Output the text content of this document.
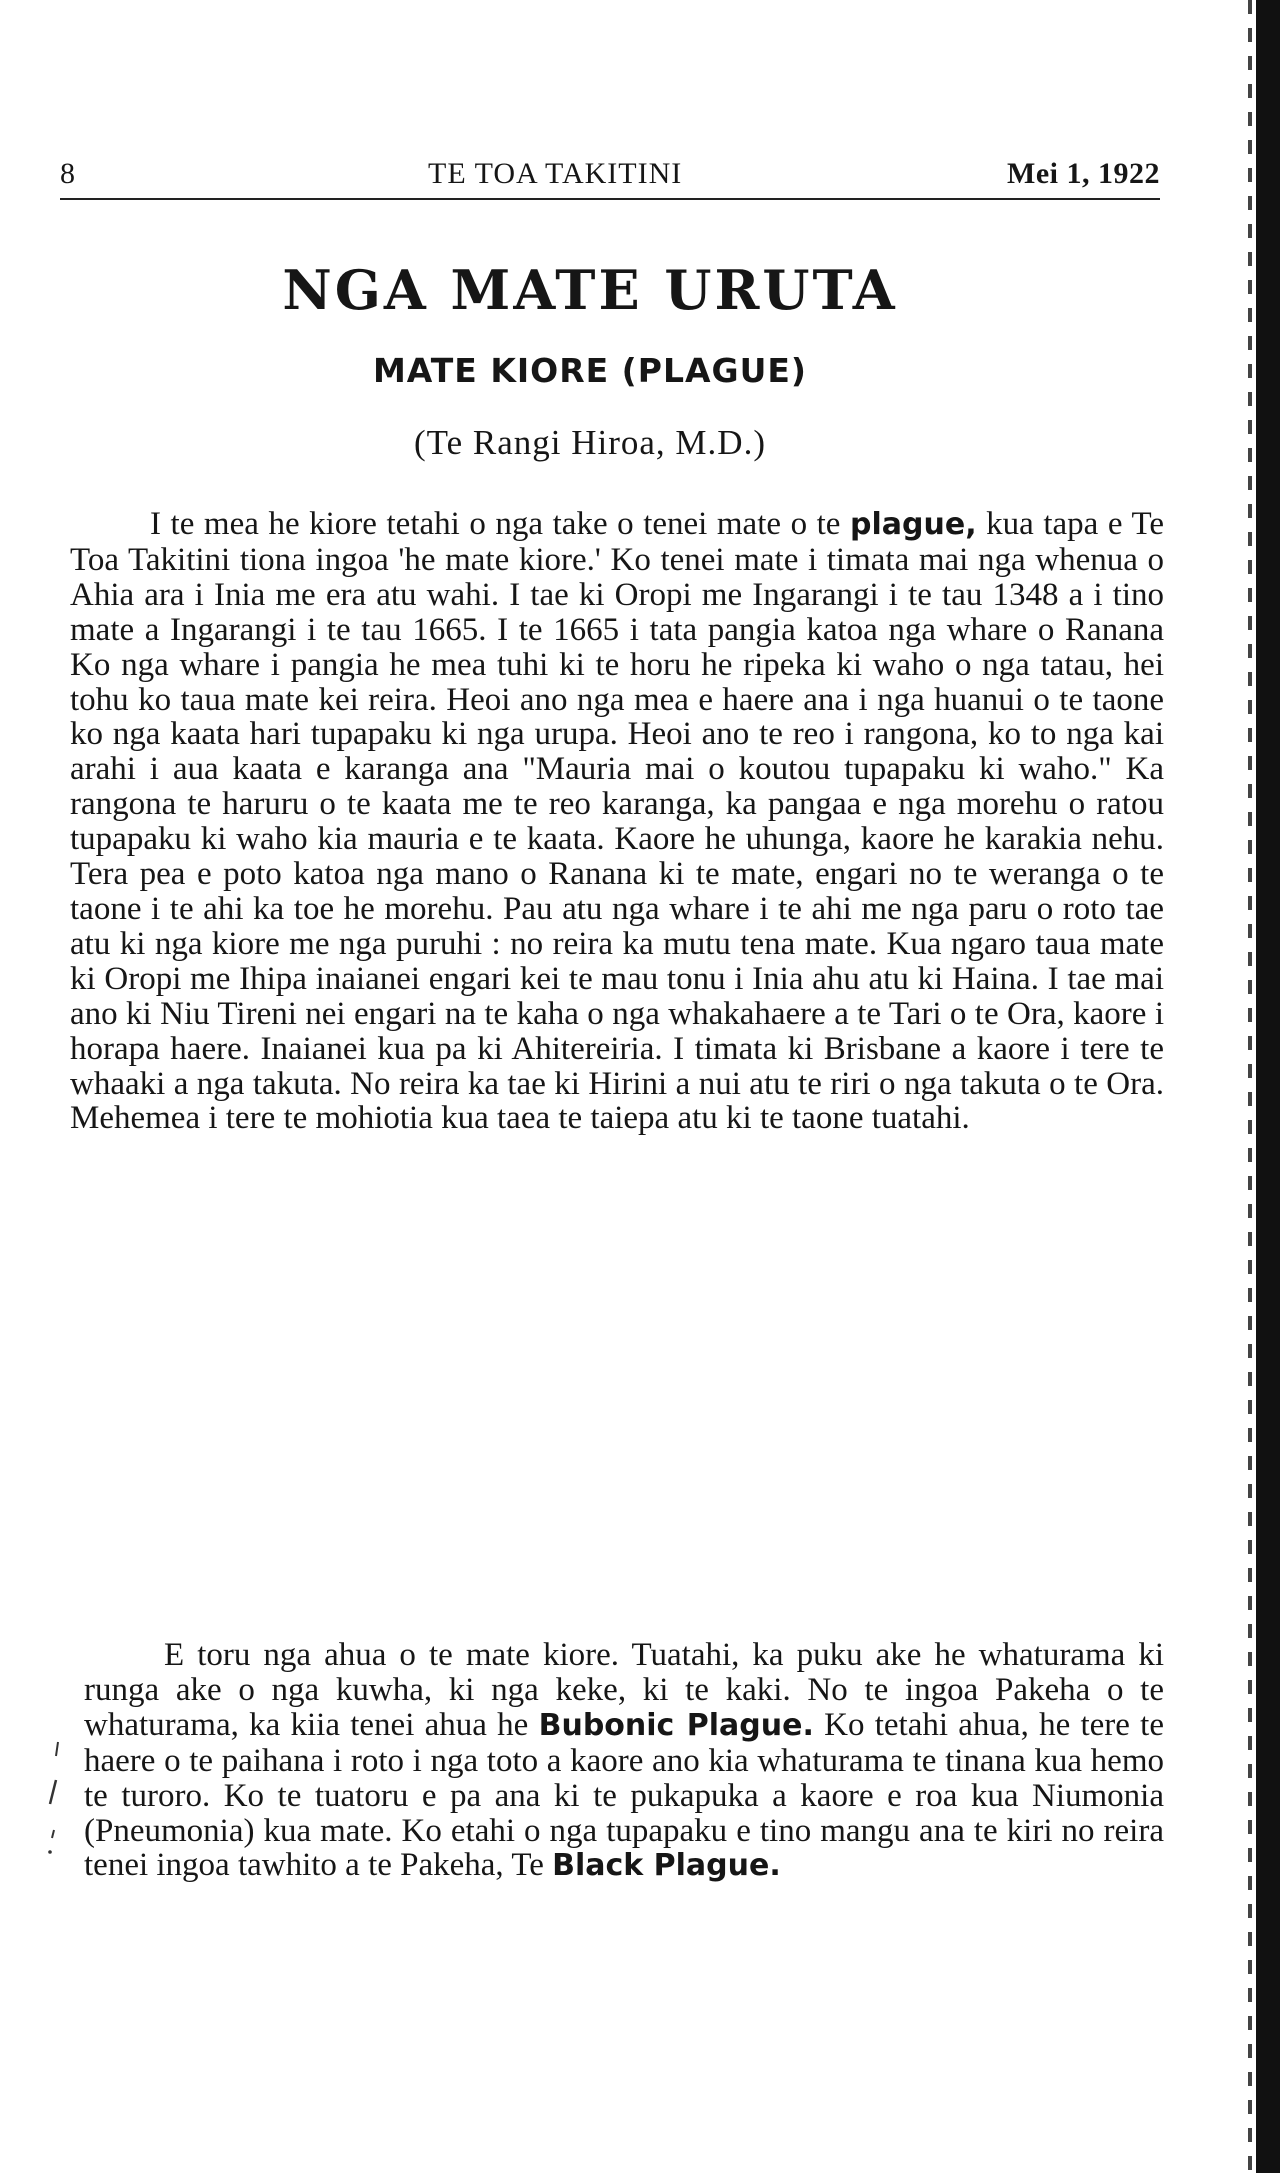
8	TE TOA TAKITINI	Mei 1, 1922
NGA MATE URUTA
MATE KIORE (PLAGUE)
(Te Rangi Hiroa, M.D.)
I te mea he kiore tetahi o nga take o tenei mate o te plague, kua tapa e Te Toa Takitini tiona ingoa 'he mate kiore.' Ko tenei mate i timata mai nga whenua o Ahia ara i Inia me era atu wahi. I tae ki Oropi me Ingarangi i te tau 1348 a i tino mate a Ingarangi i te tau 1665. I te 1665 i tata pangia katoa nga whare o Ranana Ko nga whare i pangia he mea tuhi ki te horu he ripeka ki waho o nga tatau, hei tohu ko taua mate kei reira. Heoi ano nga mea e haere ana i nga huanui o te taone ko nga kaata hari tupapaku ki nga urupa. Heoi ano te reo i rangona, ko to nga kai arahi i aua kaata e karanga ana "Mauria mai o koutou tupapaku ki waho." Ka rangona te haruru o te kaata me te reo karanga, ka pangaa e nga morehu o ratou tupapaku ki waho kia mauria e te kaata. Kaore he uhunga, kaore he karakia nehu. Tera pea e poto katoa nga mano o Ranana ki te mate, engari no te weranga o te taone i te ahi ka toe he morehu. Pau atu nga whare i te ahi me nga paru o roto tae atu ki nga kiore me nga puruhi : no reira ka mutu tena mate. Kua ngaro taua mate ki Oropi me Ihipa inaianei engari kei te mau tonu i Inia ahu atu ki Haina. I tae mai ano ki Niu Tireni nei engari na te kaha o nga whakahaere a te Tari o te Ora, kaore i horapa haere. Inaianei kua pa ki Ahitereiria. I timata ki Brisbane a kaore i tere te whaaki a nga takuta. No reira ka tae ki Hirini a nui atu te riri o nga takuta o te Ora. Mehemea i tere te mohiotia kua taea te taiepa atu ki te taone tuatahi.
E toru nga ahua o te mate kiore. Tuatahi, ka puku ake he whaturama ki runga ake o nga kuwha, ki nga keke, ki te kaki. No te ingoa Pakeha o te whaturama, ka kiia tenei ahua he Bubonic Plague. Ko tetahi ahua, he tere te haere o te paihana i roto i nga toto a kaore ano kia whaturama te tinana kua hemo te turoro. Ko te tuatoru e pa ana ki te pukapuka a kaore e roa kua Niumonia (Pneumonia) kua mate. Ko etahi o nga tupapaku e tino mangu ana te kiri no reira tenei ingoa tawhito a te Pakeha, Te Black Plague.
